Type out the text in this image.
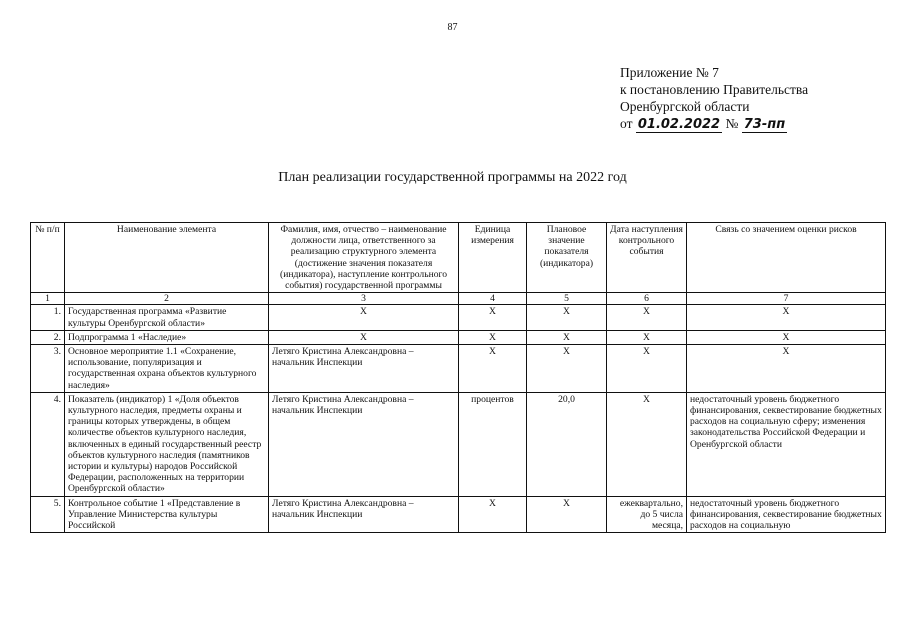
87
Приложение № 7
к постановлению Правительства
Оренбургской области
от 01.02.2022 № 73-пп
План реализации государственной программы на 2022 год
№ п/п	Наименование элемента	Фамилия, имя, отчество – наименование должности лица, ответственного за реализацию структурного элемента (достижение значения показателя (индикатора), наступление контрольного события) государственной программы	Единица измерения	Плановое значение показателя (индикатора)	Дата наступления контрольного события	Связь со значением оценки рисков
1	2	3	4	5	6	7
1.	Государственная программа «Развитие культуры Оренбургской области»	Х	Х	Х	Х	Х
2.	Подпрограмма 1 «Наследие»	Х	Х	Х	Х	Х
3.	Основное мероприятие 1.1 «Сохранение, использование, популяризация и государственная охрана объектов культурного наследия»	Летяго Кристина Александровна – начальник Инспекции	Х	Х	Х	Х
4.	Показатель (индикатор) 1 «Доля объектов культурного наследия, предметы охраны и границы которых утверждены, в общем количестве объектов культурного наследия, включенных в единый государственный реестр объектов культурного наследия (памятников истории и культуры) народов Российской Федерации, расположенных на территории Оренбургской области»	Летяго Кристина Александровна – начальник Инспекции	процентов	20,0	Х	недостаточный уровень бюджетного финансирования, секвестирование бюджетных расходов на социальную сферу; изменения законодательства Российской Федерации и Оренбургской области
5.	Контрольное событие 1 «Представление в Управление Министерства культуры Российской	Летяго Кристина Александровна – начальник Инспекции	Х	Х	ежеквартально, до 5 числа месяца,	недостаточный уровень бюджетного финансирования, секвестирование бюджетных расходов на социальную
